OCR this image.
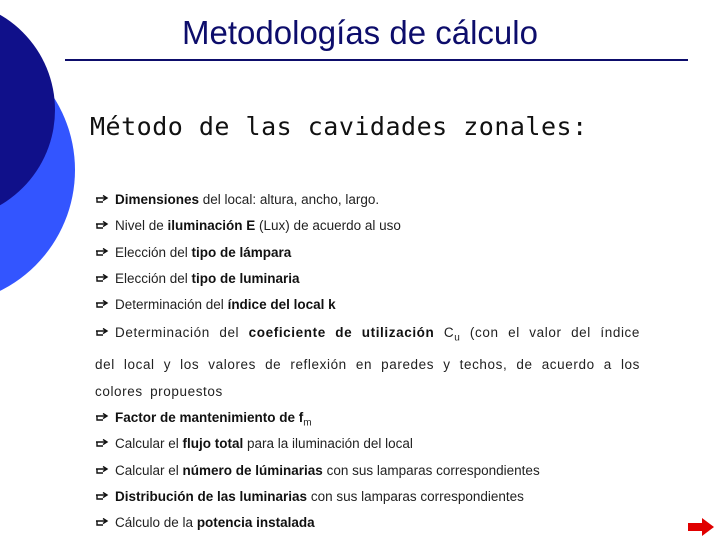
Metodologías de cálculo
Método de las cavidades zonales:
Dimensiones del local: altura, ancho, largo.
Nivel de iluminación E (Lux) de acuerdo al uso
Elección del tipo de lámpara
Elección del tipo de luminaria
Determinación del índice del local k
Determinación del coeficiente de utilización $C_u$ (con el valor del índice del local y los valores de reflexión en paredes y techos, de acuerdo a los colores propuestos
Factor de mantenimiento de $f_m$
Calcular el flujo total para la iluminación del local
Calcular el número de lúminarias con sus lamparas correspondientes
Distribución de las luminarias con sus lamparas correspondientes
Cálculo de la potencia instalada
